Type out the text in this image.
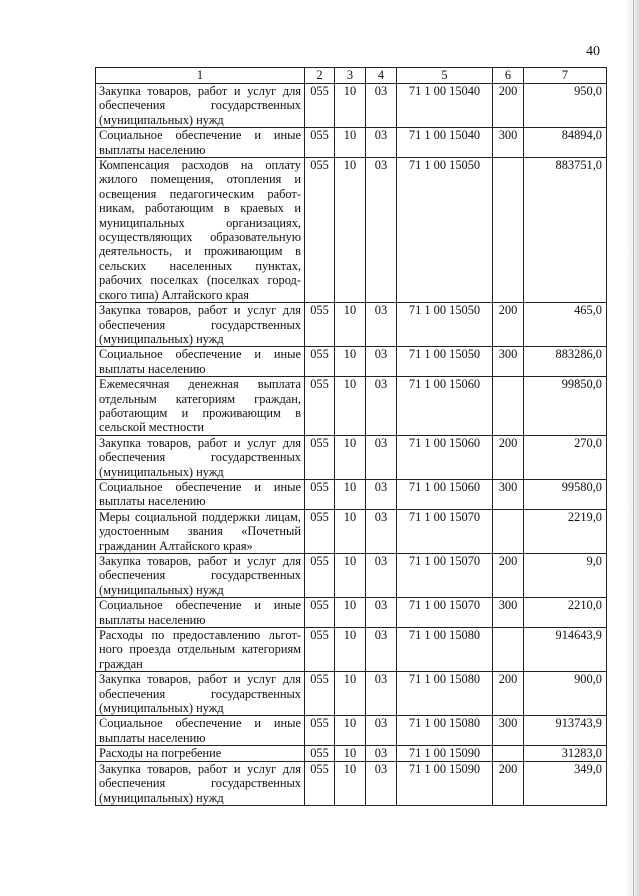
40
1	2	3	4	5	6	7
Закупка товаров, работ и услуг для обеспечения государственных (муниципальных) нужд	055	10	03	71 1 00 15040	200	950,0
Социальное обеспечение и иные выплаты населению	055	10	03	71 1 00 15040	300	84894,0
Компенсация расходов на оплату жилого помещения, отопления и освещения педагогическим работникам, работающим в краевых и муниципальных организациях, осуществляющих образовательную деятельность, и проживающим в сельских населенных пунктах, рабочих поселках (поселках городского типа) Алтайского края	055	10	03	71 1 00 15050		883751,0
Закупка товаров, работ и услуг для обеспечения государственных (муниципальных) нужд	055	10	03	71 1 00 15050	200	465,0
Социальное обеспечение и иные выплаты населению	055	10	03	71 1 00 15050	300	883286,0
Ежемесячная денежная выплата отдельным категориям граждан, работающим и проживающим в сельской местности	055	10	03	71 1 00 15060		99850,0
Закупка товаров, работ и услуг для обеспечения государственных (муниципальных) нужд	055	10	03	71 1 00 15060	200	270,0
Социальное обеспечение и иные выплаты населению	055	10	03	71 1 00 15060	300	99580,0
Меры социальной поддержки лицам, удостоенным звания «Почетный гражданин Алтайского края»	055	10	03	71 1 00 15070		2219,0
Закупка товаров, работ и услуг для обеспечения государственных (муниципальных) нужд	055	10	03	71 1 00 15070	200	9,0
Социальное обеспечение и иные выплаты населению	055	10	03	71 1 00 15070	300	2210,0
Расходы по предоставлению льготного проезда отдельным категориям граждан	055	10	03	71 1 00 15080		914643,9
Закупка товаров, работ и услуг для обеспечения государственных (муниципальных) нужд	055	10	03	71 1 00 15080	200	900,0
Социальное обеспечение и иные выплаты населению	055	10	03	71 1 00 15080	300	913743,9
Расходы на погребение	055	10	03	71 1 00 15090		31283,0
Закупка товаров, работ и услуг для обеспечения государственных (муниципальных) нужд	055	10	03	71 1 00 15090	200	349,0
